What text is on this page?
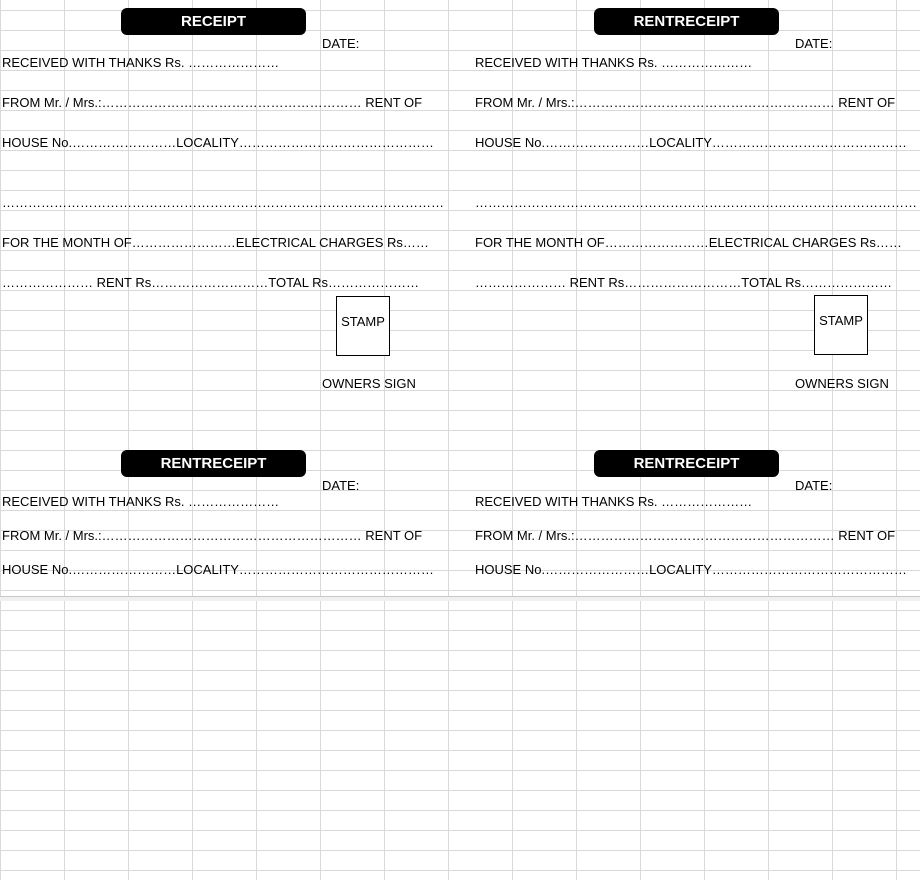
RECEIPT
DATE:
RECEIVED WITH THANKS Rs. …………………
FROM Mr. / Mrs.:…………………………………………………… RENT OF
HOUSE No.……………………LOCALITY………………………………………
…………………………………………………………………………………………
FOR THE MONTH OF……………………ELECTRICAL CHARGES Rs……
………………… RENT Rs………………………TOTAL Rs…………………
STAMP
OWNERS SIGN
RENTRECEIPT
DATE:
RECEIVED WITH THANKS Rs. …………………
FROM Mr. / Mrs.:…………………………………………………… RENT OF
HOUSE No.……………………LOCALITY………………………………………
…………………………………………………………………………………………
FOR THE MONTH OF……………………ELECTRICAL CHARGES Rs……
………………… RENT Rs………………………TOTAL Rs…………………
STAMP
OWNERS SIGN
RENTRECEIPT
DATE:
RECEIVED WITH THANKS Rs. …………………
FROM Mr. / Mrs.:…………………………………………………… RENT OF
HOUSE No.……………………LOCALITY………………………………………
RENTRECEIPT
DATE:
RECEIVED WITH THANKS Rs. …………………
FROM Mr. / Mrs.:…………………………………………………… RENT OF
HOUSE No.……………………LOCALITY………………………………………
